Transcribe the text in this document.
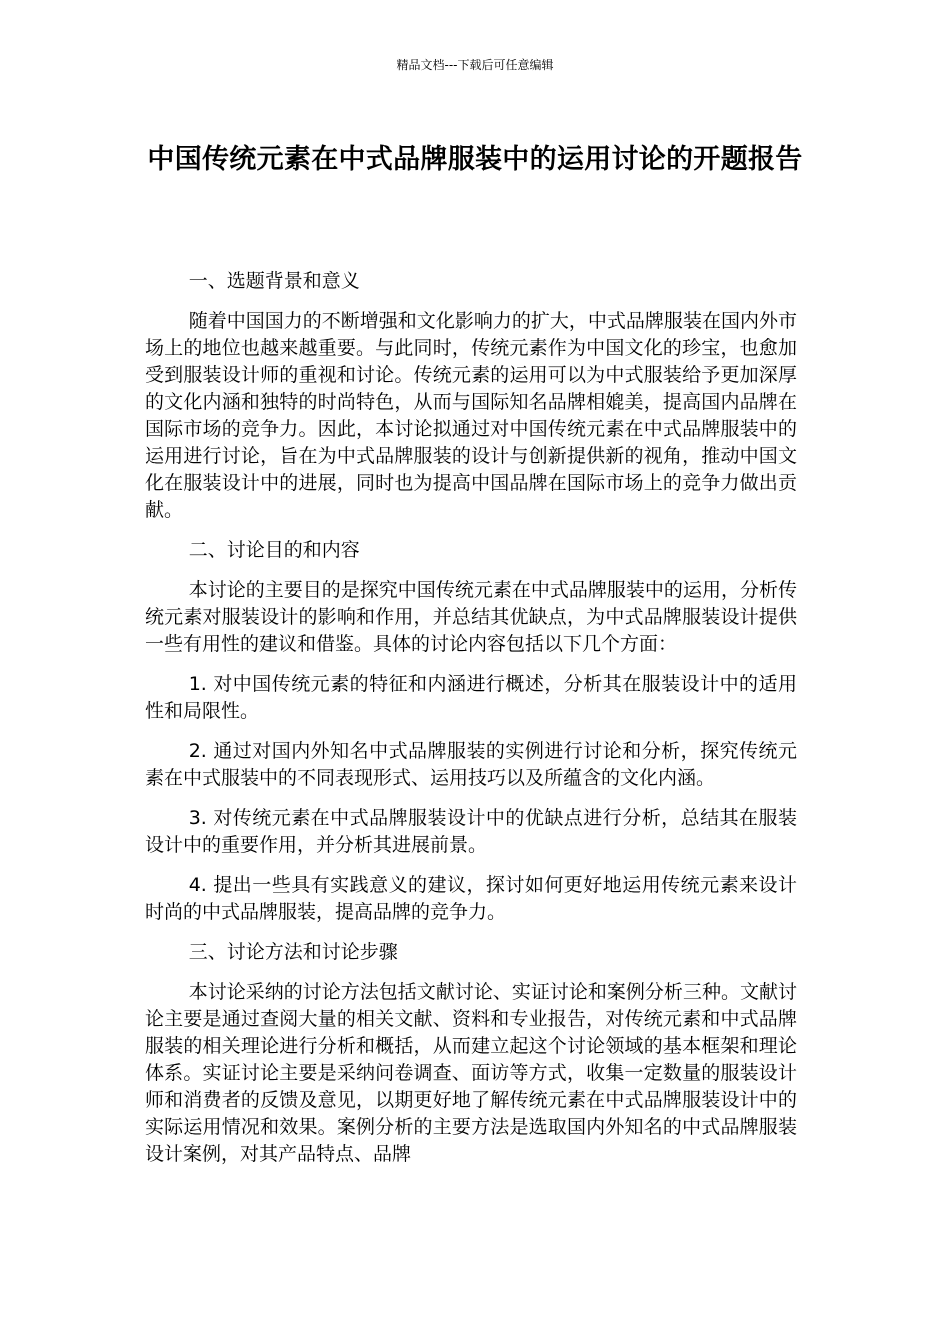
精品文档---下载后可任意编辑
中国传统元素在中式品牌服装中的运用讨论的开题报告

一、选题背景和意义

随着中国国力的不断增强和文化影响力的扩大，中式品牌服装在国内外市场上的地位也越来越重要。与此同时，传统元素作为中国文化的珍宝，也愈加受到服装设计师的重视和讨论。传统元素的运用可以为中式服装给予更加深厚的文化内涵和独特的时尚特色，从而与国际知名品牌相媲美，提高国内品牌在国际市场的竞争力。因此，本讨论拟通过对中国传统元素在中式品牌服装中的运用进行讨论，旨在为中式品牌服装的设计与创新提供新的视角，推动中国文化在服装设计中的进展，同时也为提高中国品牌在国际市场上的竞争力做出贡献。

二、讨论目的和内容

本讨论的主要目的是探究中国传统元素在中式品牌服装中的运用，分析传统元素对服装设计的影响和作用，并总结其优缺点，为中式品牌服装设计提供一些有用性的建议和借鉴。具体的讨论内容包括以下几个方面：

1. 对中国传统元素的特征和内涵进行概述，分析其在服装设计中的适用性和局限性。

2. 通过对国内外知名中式品牌服装的实例进行讨论和分析，探究传统元素在中式服装中的不同表现形式、运用技巧以及所蕴含的文化内涵。

3. 对传统元素在中式品牌服装设计中的优缺点进行分析，总结其在服装设计中的重要作用，并分析其进展前景。

4. 提出一些具有实践意义的建议，探讨如何更好地运用传统元素来设计时尚的中式品牌服装，提高品牌的竞争力。

三、讨论方法和讨论步骤

本讨论采纳的讨论方法包括文献讨论、实证讨论和案例分析三种。文献讨论主要是通过查阅大量的相关文献、资料和专业报告，对传统元素和中式品牌服装的相关理论进行分析和概括，从而建立起这个讨论领域的基本框架和理论体系。实证讨论主要是采纳问卷调查、面访等方式，收集一定数量的服装设计师和消费者的反馈及意见，以期更好地了解传统元素在中式品牌服装设计中的实际运用情况和效果。案例分析的主要方法是选取国内外知名的中式品牌服装设计案例，对其产品特点、品牌
